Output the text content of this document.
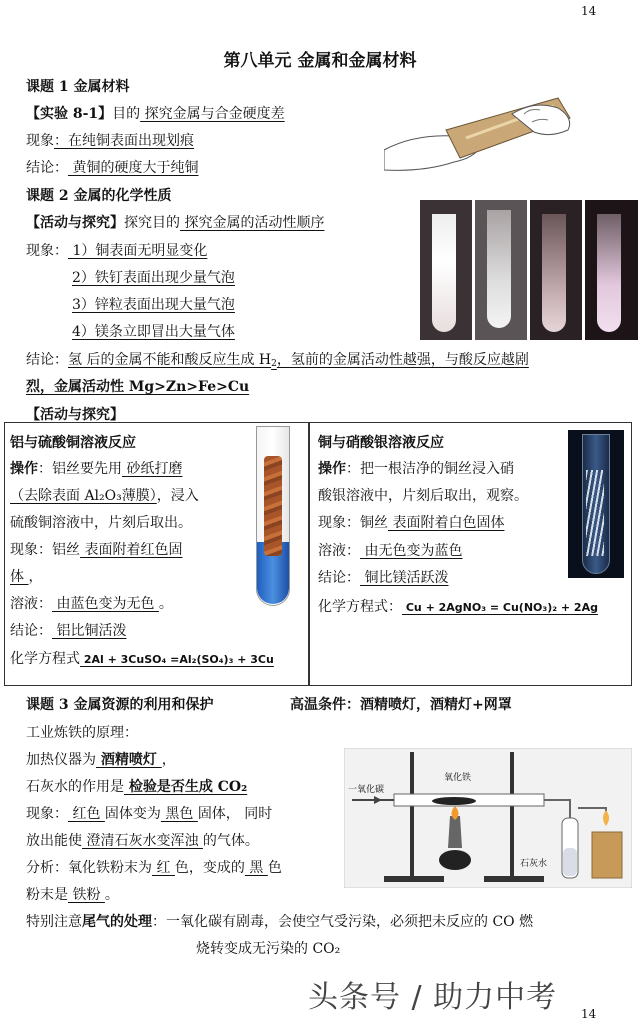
14
14
第八单元 金属和金属材料
课题 1 金属材料
【实验 8-1】目的 探究金属与合金硬度差
现象：在纯铜表面出现划痕
结论： 黄铜的硬度大于纯铜
课题 2 金属的化学性质
【活动与探究】探究目的 探究金属的活动性顺序
现象： 1）铜表面无明显变化
2）铁钉表面出现少量气泡
3）锌粒表面出现大量气泡
4）镁条立即冒出大量气体
结论：氢 后的金属不能和酸反应生成 H2，氢前的金属活动性越强，与酸反应越剧
烈，金属活动性 Mg>Zn>Fe>Cu
【活动与探究】
铝与硫酸铜溶液反应
操作：铝丝要先用 砂纸打磨
（去除表面 Al₂O₃薄膜），浸入
硫酸铜溶液中，片刻后取出。
现象：铝丝 表面附着红色固
体 ，
溶液： 由蓝色变为无色 。
结论： 铝比铜活泼
化学方程式 2Al + 3CuSO₄ =Al₂(SO₄)₃ + 3Cu
铜与硝酸银溶液反应
操作：把一根洁净的铜丝浸入硝
酸银溶液中，片刻后取出，观察。
现象：铜丝 表面附着白色固体
溶液： 由无色变为蓝色
结论： 铜比镁活跃泼
化学方程式： Cu + 2AgNO₃ = Cu(NO₃)₂ + 2Ag
课题 3 金属资源的利用和保护	高温条件：酒精喷灯，酒精灯+网罩
工业炼铁的原理：
加热仪器为 酒精喷灯 ，
石灰水的作用是 检验是否生成 CO₂
现象： 红色 固体变为 黑色 固体， 同时
放出能使 澄清石灰水变浑浊 的气体。
分析：氧化铁粉末为 红 色，变成的 黑 色
粉末是 铁粉 。
特别注意尾气的处理：一氧化碳有剧毒，会使空气受污染，必须把未反应的 CO 燃
烧转变成无污染的 CO₂
一氧化碳
氧化铁
石灰水
头条号 / 助力中考
